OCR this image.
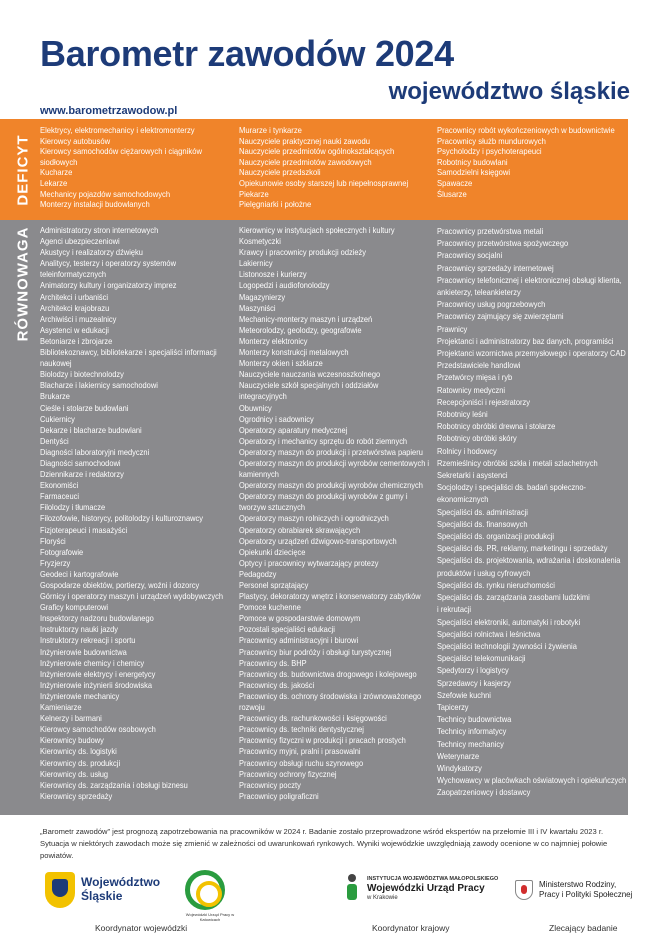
Barometr zawodów 2024
województwo śląskie
www.barometrzawodow.pl
DEFICYT
Elektrycy, elektromechanicy i elektromonterzy
Kierowcy autobusów
Kierowcy samochodów ciężarowych i ciągników
siodłowych
Kucharze
Lekarze
Mechanicy pojazdów samochodowych
Monterzy instalacji budowlanych
Murarze i tynkarze
Nauczyciele praktycznej nauki zawodu
Nauczyciele przedmiotów ogólnokształcących
Nauczyciele przedmiotów zawodowych
Nauczyciele przedszkoli
Opiekunowie osoby starszej lub niepełnosprawnej
Piekarze
Pielęgniarki i położne
Pracownicy robót wykończeniowych w budownictwie
Pracownicy służb mundurowych
Psycholodzy i psychoterapeuci
Robotnicy budowlani
Samodzielni księgowi
Spawacze
Ślusarze
RÓWNOWAGA Administratorzy stron internetowych
Agenci ubezpieczeniowi
Akustycy i realizatorzy dźwięku
Analitycy, testerzy i operatorzy systemów
teleinformatycznych
Animatorzy kultury i organizatorzy imprez
Architekci i urbaniści
Architekci krajobrazu
Archiwiści i muzealnicy
Asystenci w edukacji
Betoniarze i zbrojarze
Bibliotekoznawcy, bibliotekarze i specjaliści informacji
naukowej
Biolodzy i biotechnolodzy
Blacharze i lakiernicy samochodowi
Brukarze
Cieśle i stolarze budowlani
Cukiernicy
Dekarze i blacharze budowlani
Dentyści
Diagności laboratoryjni medyczni
Diagności samochodowi
Dziennikarze i redaktorzy
Ekonomiści
Farmaceuci
Filolodzy i tłumacze
Filozofowie, historycy, politolodzy i kulturoznawcy
Fizjoterapeuci i masażyści
Floryści
Fotografowie
Fryzjerzy
Geodeci i kartografowie
Gospodarze obiektów, portierzy, woźni i dozorcy
Górnicy i operatorzy maszyn i urządzeń wydobywczych
Graficy komputerowi
Inspektorzy nadzoru budowlanego
Instruktorzy nauki jazdy
Instruktorzy rekreacji i sportu
Inżynierowie budownictwa
Inżynierowie chemicy i chemicy
Inżynierowie elektrycy i energetycy
Inżynierowie inżynierii środowiska
Inżynierowie mechanicy
Kamieniarze
Kelnerzy i barmani
Kierowcy samochodów osobowych
Kierownicy budowy
Kierownicy ds. logistyki
Kierownicy ds. produkcji
Kierownicy ds. usług
Kierownicy ds. zarządzania i obsługi biznesu
Kierownicy sprzedaży
Kierownicy w instytucjach społecznych i kultury
Kosmetyczki
Krawcy i pracownicy produkcji odzieży
Lakiernicy
Listonosze i kurierzy
Logopedzi i audiofonolodzy
Magazynierzy
Maszyniści
Mechanicy-monterzy maszyn i urządzeń
Meteorolodzy, geolodzy, geografowie
Monterzy elektronicy
Monterzy konstrukcji metalowych
Monterzy okien i szklarze
Nauczyciele nauczania wczesnoszkolnego
Nauczyciele szkół specjalnych i oddziałów
integracyjnych
Obuwnicy
Ogrodnicy i sadownicy
Operatorzy aparatury medycznej
Operatorzy i mechanicy sprzętu do robót ziemnych
Operatorzy maszyn do produkcji i przetwórstwa papieru
Operatorzy maszyn do produkcji wyrobów cementowych i
kamiennych
Operatorzy maszyn do produkcji wyrobów chemicznych
Operatorzy maszyn do produkcji wyrobów z gumy i
tworzyw sztucznych
Operatorzy maszyn rolniczych i ogrodniczych
Operatorzy obrabiarek skrawających
Operatorzy urządzeń dźwigowo-transportowych
Opiekunki dziecięce
Optycy i pracownicy wytwarzający protezy
Pedagodzy
Personel sprzątający
Plastycy, dekoratorzy wnętrz i konserwatorzy zabytków
Pomoce kuchenne
Pomoce w gospodarstwie domowym
Pozostali specjaliści edukacji
Pracownicy administracyjni i biurowi
Pracownicy biur podróży i obsługi turystycznej
Pracownicy ds. BHP
Pracownicy ds. budownictwa drogowego i kolejowego
Pracownicy ds. jakości
Pracownicy ds. ochrony środowiska i zrównoważonego
rozwoju
Pracownicy ds. rachunkowości i księgowości
Pracownicy ds. techniki dentystycznej
Pracownicy fizyczni w produkcji i pracach prostych
Pracownicy myjni, pralni i prasowalni
Pracownicy obsługi ruchu szynowego
Pracownicy ochrony fizycznej
Pracownicy poczty
Pracownicy poligraficzni
Pracownicy przetwórstwa metali
Pracownicy przetwórstwa spożywczego
Pracownicy socjalni
Pracownicy sprzedaży internetowej
Pracownicy telefonicznej i elektronicznej obsługi klienta,
ankieterzy, teleankieterzy
Pracownicy usług pogrzebowych
Pracownicy zajmujący się zwierzętami
Prawnicy
Projektanci i administratorzy baz danych, programiści
Projektanci wzornictwa przemysłowego i operatorzy CAD
Przedstawiciele handlowi
Przetwórcy mięsa i ryb
Ratownicy medyczni
Recepcjoniści i rejestratorzy
Robotnicy leśni
Robotnicy obróbki drewna i stolarze
Robotnicy obróbki skóry
Rolnicy i hodowcy
Rzemieślnicy obróbki szkła i metali szlachetnych
Sekretarki i asystenci
Socjolodzy i specjaliści ds. badań społeczno-
ekonomicznych
Specjaliści ds. administracji
Specjaliści ds. finansowych
Specjaliści ds. organizacji produkcji
Specjaliści ds. PR, reklamy, marketingu i sprzedaży
Specjaliści ds. projektowania, wdrażania i doskonalenia
produktów i usług cyfrowych
Specjaliści ds. rynku nieruchomości
Specjaliści ds. zarządzania zasobami ludzkimi
i rekrutacji
Specjaliści elektroniki, automatyki i robotyki
Specjaliści rolnictwa i leśnictwa
Specjaliści technologii żywności i żywienia
Specjaliści telekomunikacji
Spedytorzy i logistycy
Sprzedawcy i kasjerzy
Szefowie kuchni
Tapicerzy
Technicy budownictwa
Technicy informatycy
Technicy mechanicy
Weterynarze
Windykatorzy
Wychowawcy w placówkach oświatowych i opiekuńczych
Zaopatrzeniowcy i dostawcy
„Barometr zawodów” jest prognozą zapotrzebowania na pracowników w 2024 r. Badanie zostało przeprowadzone wśród ekspertów na przełomie III i IV kwartału 2023 r.
Sytuacja w niektórych zawodach może się zmienić w zależności od uwarunkowań rynkowych. Wyniki wojewódzkie uwzględniają zawody ocenione w co najmniej połowie powiatów.
Województwo
Śląskie
Wojewódzki Urząd Pracy w Katowicach
INSTYTUCJA WOJEWÓDZTWA MAŁOPOLSKIEGO
Wojewódzki Urząd Pracy
w Krakowie
Ministerstwo Rodziny,
Pracy i Polityki Społecznej
Koordynator wojewódzki	Koordynator krajowy	Zlecający badanie
